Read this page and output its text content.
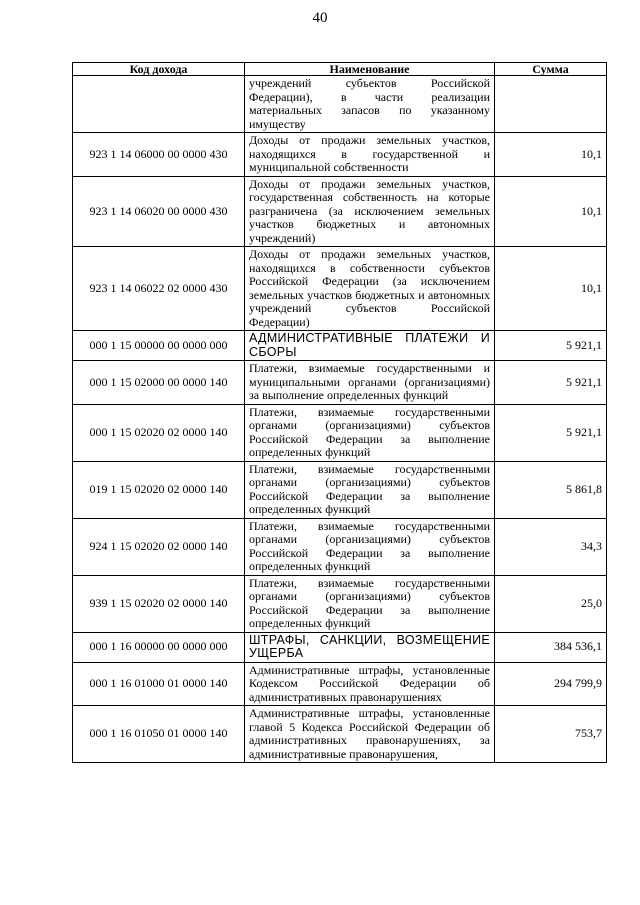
40
Код дохода	Наименование	Сумма
	учреждений субъектов Российской Федерации), в части реализации материальных запасов по указанному имуществу	
923 1 14 06000 00 0000 430	Доходы от продажи земельных участков, находящихся в государственной и муниципальной собственности	10,1
923 1 14 06020 00 0000 430	Доходы от продажи земельных участков, государственная собственность на которые разграничена (за исключением земельных участков бюджетных и автономных учреждений)	10,1
923 1 14 06022 02 0000 430	Доходы от продажи земельных участков, находящихся в собственности субъектов Российской Федерации (за исключением земельных участков бюджетных и автономных учреждений субъектов Российской Федерации)	10,1
000 1 15 00000 00 0000 000	АДМИНИСТРАТИВНЫЕ ПЛАТЕЖИ И СБОРЫ	5 921,1
000 1 15 02000 00 0000 140	Платежи, взимаемые государственными и муниципальными органами (организациями) за выполнение определенных функций	5 921,1
000 1 15 02020 02 0000 140	Платежи, взимаемые государственными органами (организациями) субъектов Российской Федерации за выполнение определенных функций	5 921,1
019 1 15 02020 02 0000 140	Платежи, взимаемые государственными органами (организациями) субъектов Российской Федерации за выполнение определенных функций	5 861,8
924 1 15 02020 02 0000 140	Платежи, взимаемые государственными органами (организациями) субъектов Российской Федерации за выполнение определенных функций	34,3
939 1 15 02020 02 0000 140	Платежи, взимаемые государственными органами (организациями) субъектов Российской Федерации за выполнение определенных функций	25,0
000 1 16 00000 00 0000 000	ШТРАФЫ, САНКЦИИ, ВОЗМЕЩЕНИЕ УЩЕРБА	384 536,1
000 1 16 01000 01 0000 140	Административные штрафы, установленные Кодексом Российской Федерации об административных правонарушениях	294 799,9
000 1 16 01050 01 0000 140	Административные штрафы, установленные главой 5 Кодекса Российской Федерации об административных правонарушениях, за административные правонарушения,	753,7
